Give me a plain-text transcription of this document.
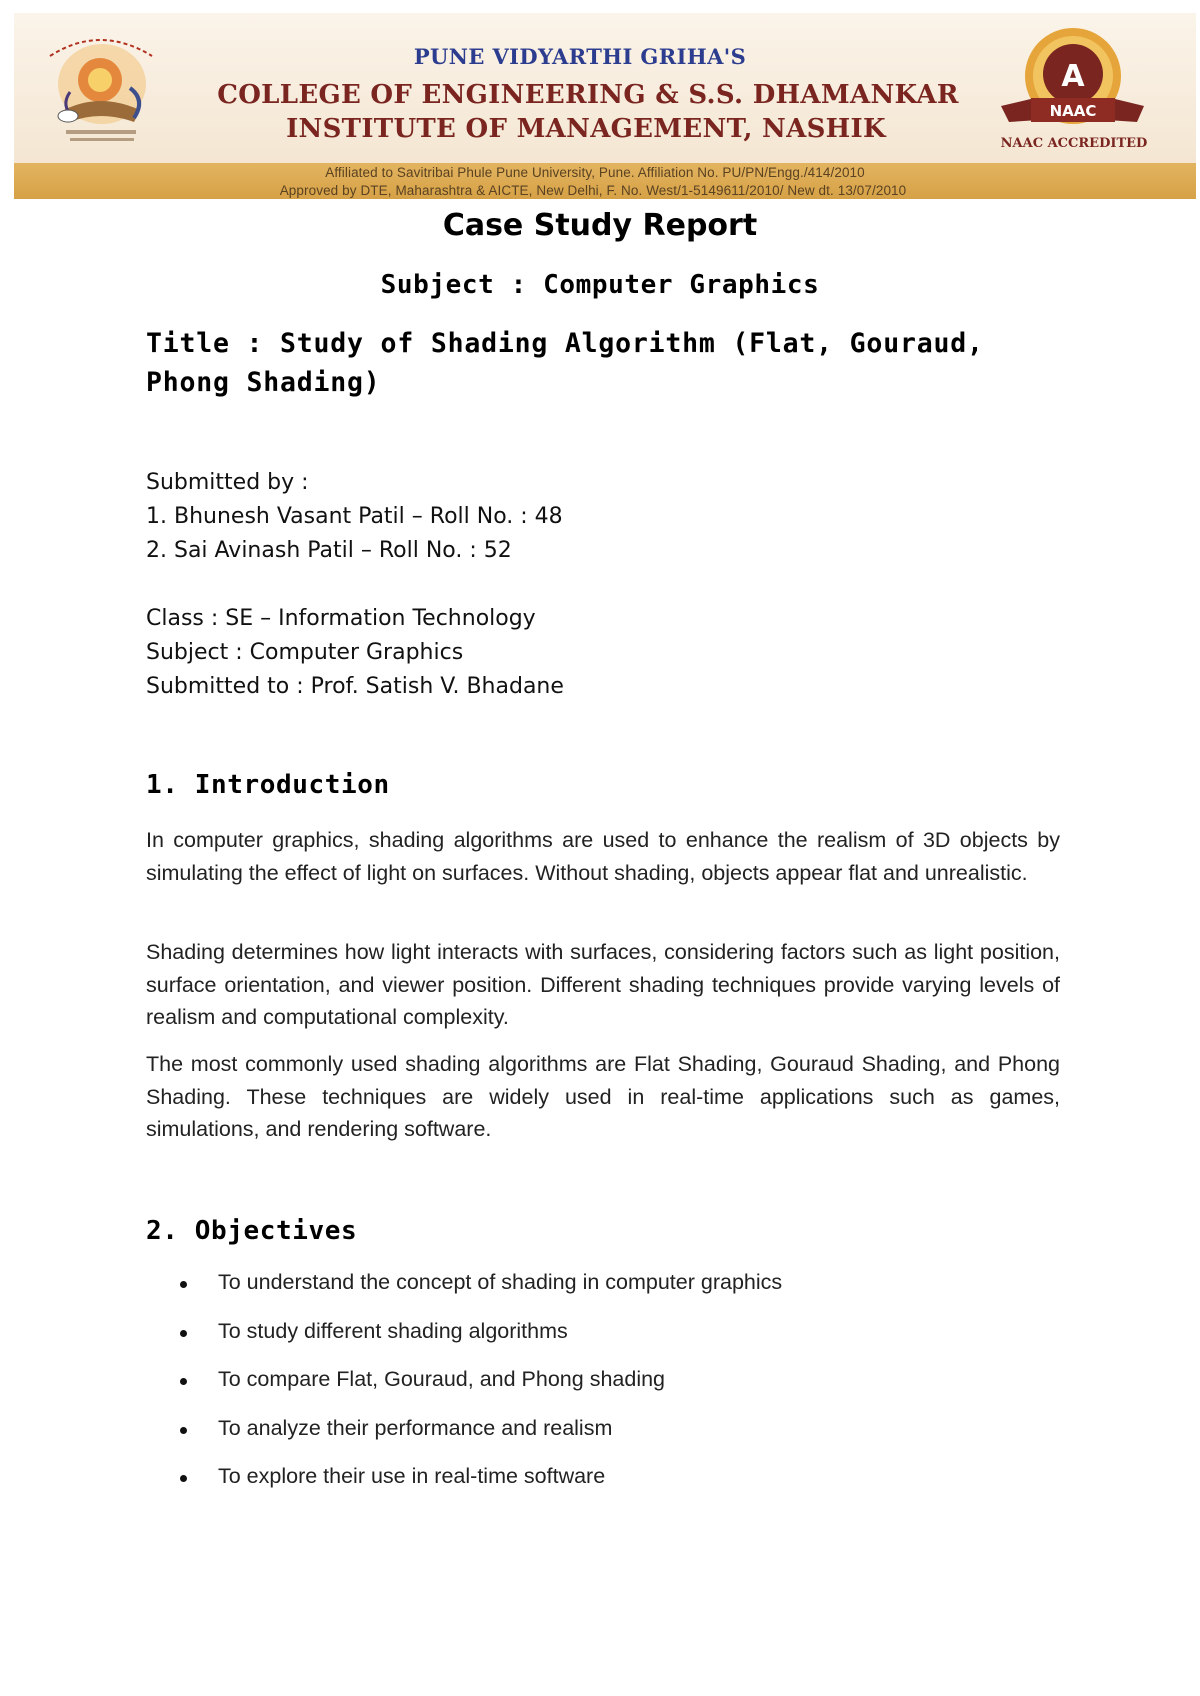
Affiliated to Savitribai Phule Pune University, Pune. Affiliation No. PU/PN/Engg./414/2010
Approved by DTE, Maharashtra & AICTE, New Delhi, F. No. West/1-5149611/2010/ New dt. 13/07/2010
PUNE VIDYARTHI GRIHA'S
COLLEGE OF ENGINEERING & S.S. DHAMANKAR
INSTITUTE OF MANAGEMENT, NASHIK
A
NAAC
NAAC ACCREDITED
Case Study Report
Subject : Computer Graphics
Title : Study of Shading Algorithm (Flat, Gouraud, Phong Shading)
Submitted by :
1. Bhunesh Vasant Patil – Roll No. : 48
2. Sai Avinash Patil – Roll No. : 52
Class : SE – Information Technology
Subject : Computer Graphics
Submitted to : Prof. Satish V. Bhadane
1. Introduction
In computer graphics, shading algorithms are used to enhance the realism of 3D objects by simulating the effect of light on surfaces. Without shading, objects appear flat and unrealistic.
Shading determines how light interacts with surfaces, considering factors such as light position, surface orientation, and viewer position. Different shading techniques provide varying levels of realism and computational complexity.
The most commonly used shading algorithms are Flat Shading, Gouraud Shading, and Phong Shading. These techniques are widely used in real-time applications such as games, simulations, and rendering software.
2. Objectives
To understand the concept of shading in computer graphics
To study different shading algorithms
To compare Flat, Gouraud, and Phong shading
To analyze their performance and realism
To explore their use in real-time software
